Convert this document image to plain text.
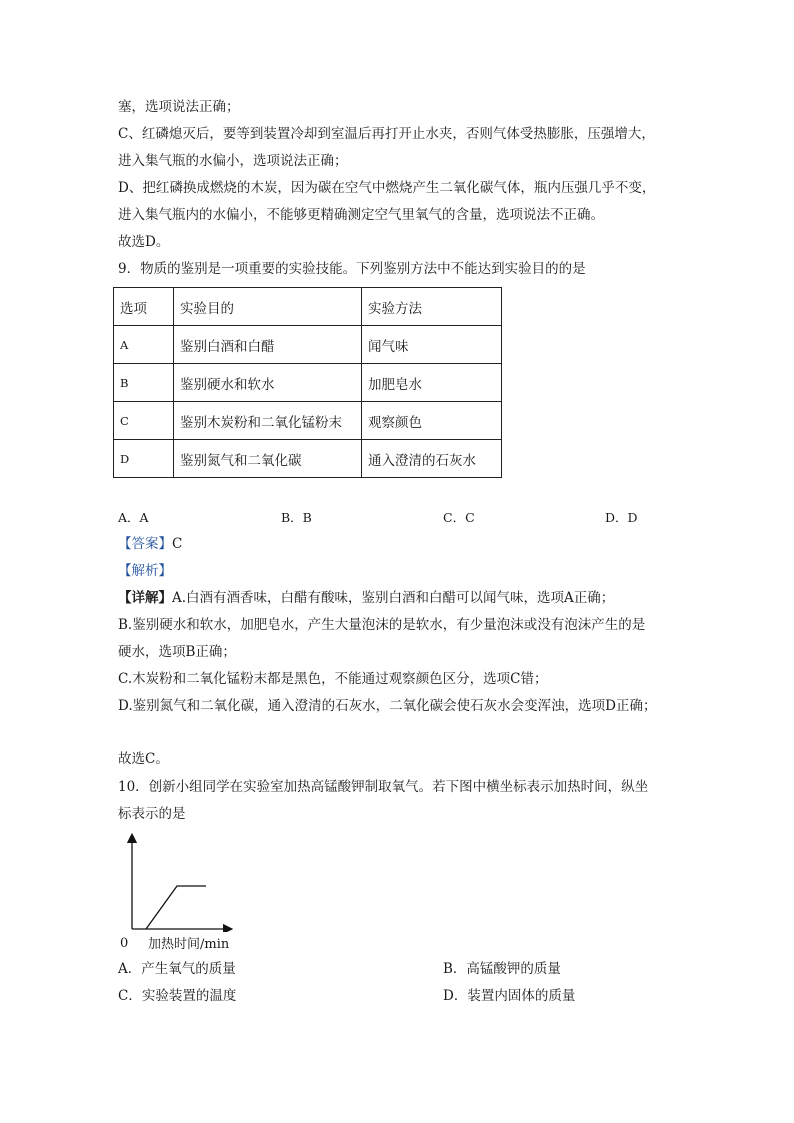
塞，选项说法正确；
C、红磷熄灭后，要等到装置冷却到室温后再打开止水夹，否则气体受热膨胀，压强增大，
进入集气瓶的水偏小，选项说法正确；
D、把红磷换成燃烧的木炭，因为碳在空气中燃烧产生二氧化碳气体，瓶内压强几乎不变，
进入集气瓶内的水偏小，不能够更精确测定空气里氧气的含量，选项说法不正确。
故选D。
9．物质的鉴别是一项重要的实验技能。下列鉴别方法中不能达到实验目的的是
选项	实验目的	实验方法
A	鉴别白酒和白醋	闻气味
B	鉴别硬水和软水	加肥皂水
C	鉴别木炭粉和二氧化锰粉末	观察颜色
D	鉴别氮气和二氧化碳	通入澄清的石灰水
A．A	B．B	C．C	D．D
【答案】C
【解析】
【详解】A.白酒有酒香味，白醋有酸味，鉴别白酒和白醋可以闻气味，选项A正确；
B.鉴别硬水和软水，加肥皂水，产生大量泡沫的是软水，有少量泡沫或没有泡沫产生的是
硬水，选项B正确；
C.木炭粉和二氧化锰粉末都是黑色，不能通过观察颜色区分，选项C错；
D.鉴别氮气和二氧化碳，通入澄清的石灰水，二氧化碳会使石灰水会变浑浊，选项D正确；
故选C。
10．创新小组同学在实验室加热高锰酸钾制取氧气。若下图中横坐标表示加热时间，纵坐
标表示的是
0 加热时间/min
A．产生氧气的质量	B．高锰酸钾的质量
C．实验装置的温度	D．装置内固体的质量
